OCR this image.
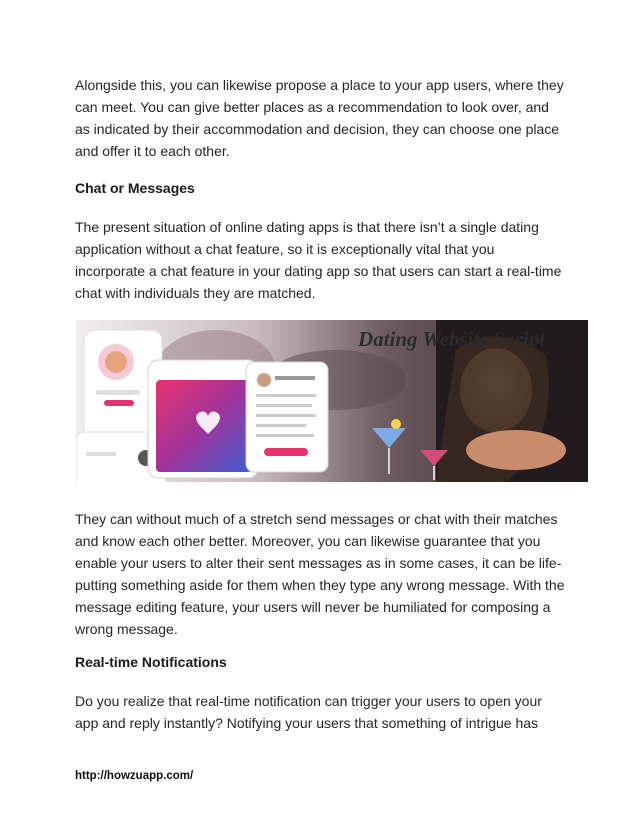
Alongside this, you can likewise propose a place to your app users, where they can meet. You can give better places as a recommendation to look over, and as indicated by their accommodation and decision, they can choose one place and offer it to each other.

Chat or Messages

The present situation of online dating apps is that there isn’t a single dating application without a chat feature, so it is exceptionally vital that you incorporate a chat feature in your dating app so that users can start a real-time chat with individuals they are matched.

Dating Website Script

They can without much of a stretch send messages or chat with their matches and know each other better. Moreover, you can likewise guarantee that you enable your users to alter their sent messages as in some cases, it can be life-putting something aside for them when they type any wrong message. With the message editing feature, your users will never be humiliated for composing a wrong message.

Real-time Notifications

Do you realize that real-time notification can trigger your users to open your app and reply instantly? Notifying your users that something of intrigue has

http://howzuapp.com/
